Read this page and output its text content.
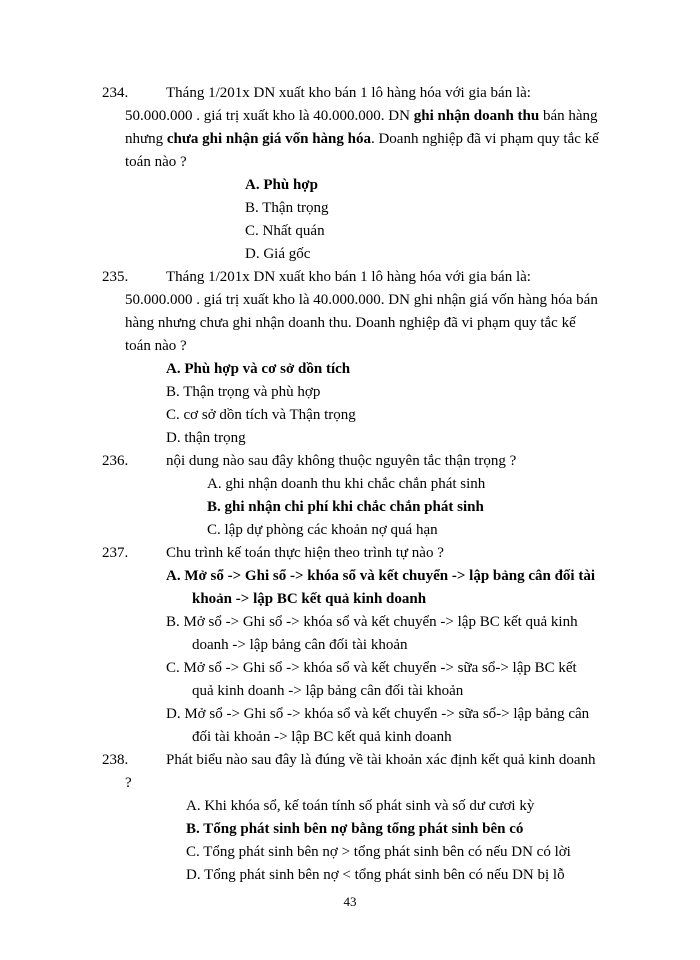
234.	Tháng 1/201x DN xuất kho bán 1 lô hàng hóa với gia bán là: 50.000.000 . giá trị xuất kho là 40.000.000. DN ghi nhận doanh thu bán hàng nhưng chưa ghi nhận giá vốn hàng hóa. Doanh nghiệp đã vi phạm quy tắc kế toán nào ?

A. Phù hợp

B. Thận trọng

C. Nhất quán

D. Giá gốc

235.	Tháng 1/201x DN xuất kho bán 1 lô hàng hóa với gia bán là: 50.000.000 . giá trị xuất kho là 40.000.000. DN ghi nhận giá vốn hàng hóa bán hàng nhưng chưa ghi nhận doanh thu. Doanh nghiệp đã vi phạm quy tắc kế toán nào ?

A. Phù hợp và cơ sở dồn tích

B. Thận trọng và phù hợp

C. cơ sở dồn tích và Thận trọng

D. thận trọng

236.	nội dung nào sau đây không thuộc nguyên tắc thận trọng ?

A. ghi nhận doanh thu khi chắc chắn phát sinh

B. ghi nhận chi phí khi chắc chắn phát sinh

C. lập dự phòng các khoản nợ quá hạn

237.	Chu trình kế toán thực hiện theo trình tự nào ?

A. Mở sổ -> Ghi sổ -> khóa sổ và kết chuyển -> lập bảng cân đối tài khoản -> lập BC kết quả kinh doanh

B. Mở sổ -> Ghi sổ -> khóa sổ và kết chuyển -> lập BC kết quả kinh doanh -> lập bảng cân đối tài khoản

C. Mở sổ -> Ghi sổ -> khóa sổ và kết chuyển -> sữa sổ-> lập BC kết quả kinh doanh -> lập bảng cân đối tài khoản

D. Mở sổ -> Ghi sổ -> khóa sổ và kết chuyển -> sữa sổ-> lập bảng cân đối tài khoản -> lập BC kết quả kinh doanh

238.	Phát biểu nào sau đây là đúng về tài khoản xác định kết quả kinh doanh ?

A. Khi khóa sổ, kế toán tính số phát sinh và số dư cươi kỳ

B. Tổng phát sinh bên nợ bằng tổng phát sinh bên có

C. Tổng phát sinh bên nợ > tổng phát sinh bên có nếu DN có lời

D. Tổng phát sinh bên nợ < tổng phát sinh bên có nếu DN bị lỗ

43
